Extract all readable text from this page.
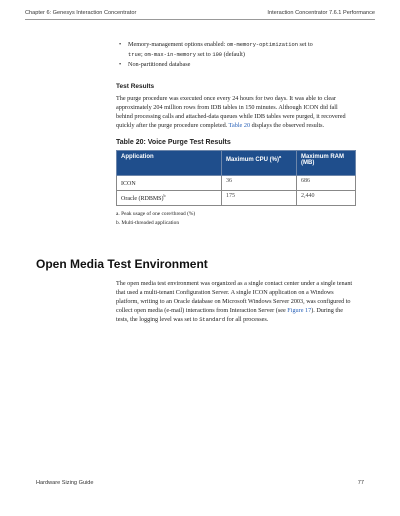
Chapter 6: Genesys Interaction Concentrator	Interaction Concentrator 7.6.1 Performance
• Memory-management options enabled: om-memory-optimization set to
true; om-max-in-memory set to 100 (default)
• Non-partitioned database
Test Results

The purge procedure was executed once every 24 hours for two days. It was able to clear approximately 204 million rows from IDB tables in 150 minutes. Although ICON did fall behind processing calls and attached-data queues while IDB tables were purged, it recovered quickly after the purge procedure completed. Table 20 displays the observed results.

Table 20: Voice Purge Test Results
Application	Maximum CPU (%)$^a$	Maximum RAM (MB)
ICON	36	686
Oracle (RDBMS)$^b$	175	2,440

a. Peak usage of one core/thread (%)

b. Multi-threaded application

Open Media Test Environment

The open media test environment was organized as a single contact center under a single tenant that used a multi-tenant Configuration Server. A single ICON application on a Windows platform, writing to an Oracle database on Microsoft Windows Server 2003, was configured to collect open media (e-mail) interactions from Interaction Server (see Figure 17). During the tests, the logging level was set to Standard for all processes.

Hardware Sizing Guide	77
